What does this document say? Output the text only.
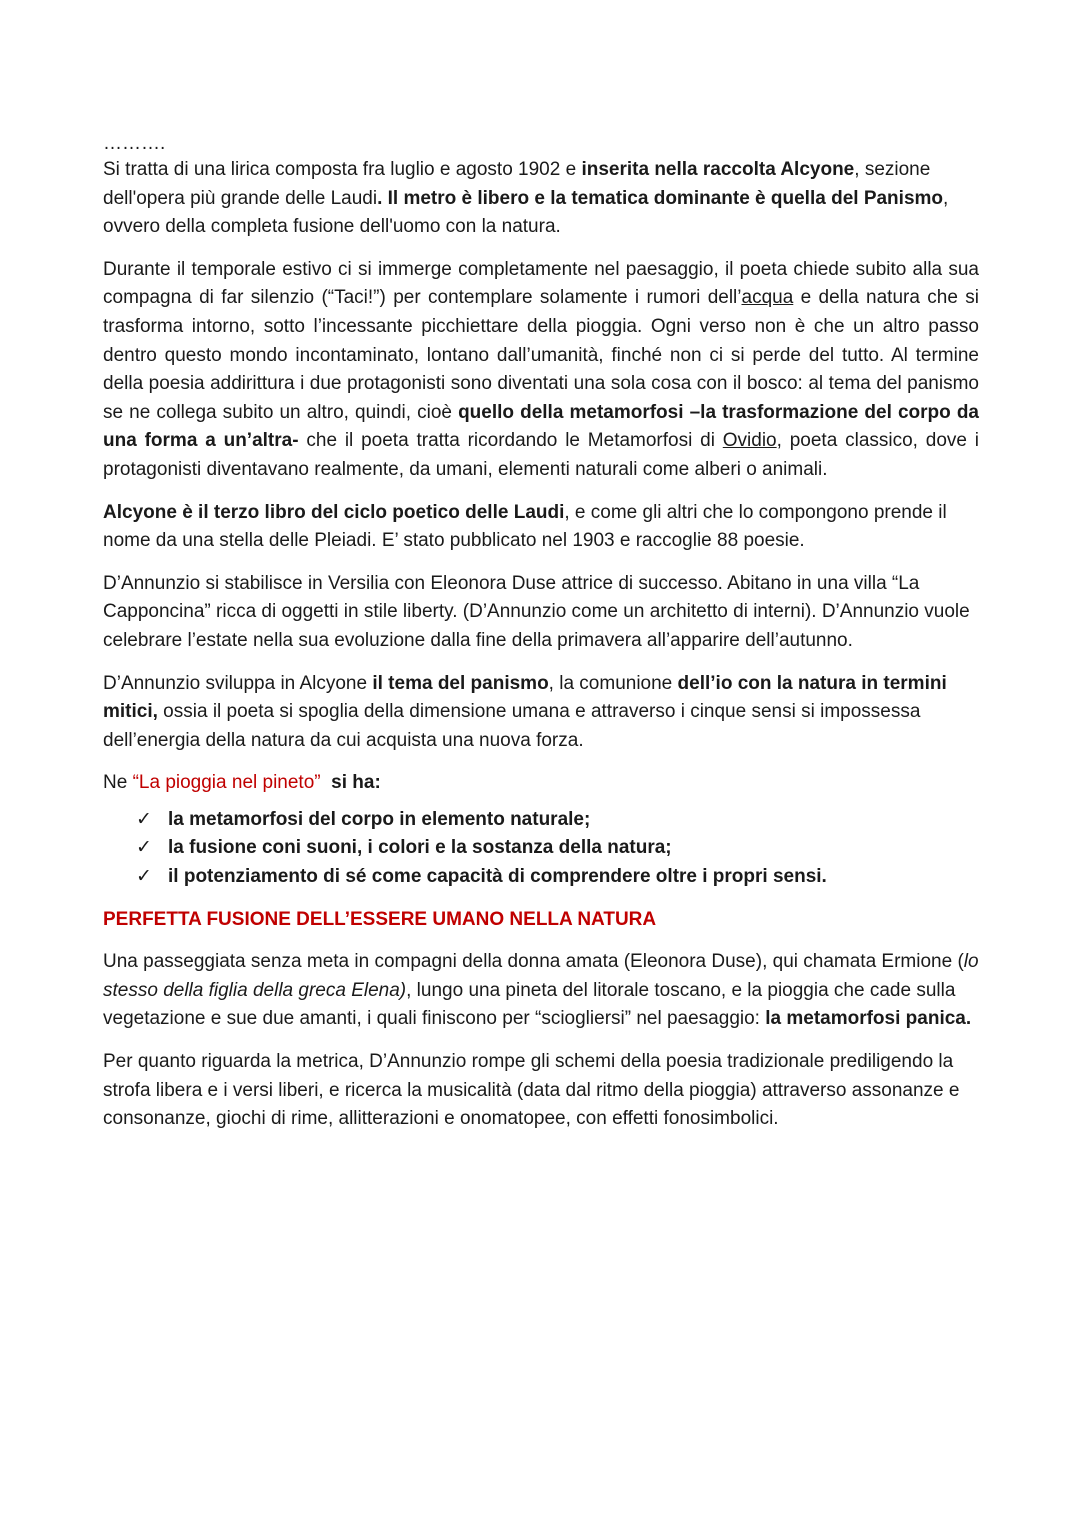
……….

Si tratta di una lirica composta fra luglio e agosto 1902 e inserita nella raccolta Alcyone, sezione dell'opera più grande delle Laudi. Il metro è libero e la tematica dominante è quella del Panismo, ovvero della completa fusione dell'uomo con la natura.

Durante il temporale estivo ci si immerge completamente nel paesaggio, il poeta chiede subito alla sua compagna di far silenzio (“Taci!”) per contemplare solamente i rumori dell’acqua e della natura che si trasforma intorno, sotto l’incessante picchiettare della pioggia. Ogni verso non è che un altro passo dentro questo mondo incontaminato, lontano dall’umanità, finché non ci si perde del tutto. Al termine della poesia addirittura i due protagonisti sono diventati una sola cosa con il bosco: al tema del panismo se ne collega subito un altro, quindi, cioè quello della metamorfosi –la trasformazione del corpo da una forma a un’altra- che il poeta tratta ricordando le Metamorfosi di Ovidio, poeta classico, dove i protagonisti diventavano realmente, da umani, elementi naturali come alberi o animali.

Alcyone è il terzo libro del ciclo poetico delle Laudi, e come gli altri che lo compongono prende il nome da una stella delle Pleiadi. E’ stato pubblicato nel 1903 e raccoglie 88 poesie.

D’Annunzio si stabilisce in Versilia con Eleonora Duse attrice di successo. Abitano in una villa “La Capponcina” ricca di oggetti in stile liberty. (D’Annunzio come un architetto di interni). D’Annunzio vuole celebrare l’estate nella sua evoluzione dalla fine della primavera all’apparire dell’autunno.

D’Annunzio sviluppa in Alcyone il tema del panismo, la comunione dell’io con la natura in termini mitici, ossia il poeta si spoglia della dimensione umana e attraverso i cinque sensi si impossessa dell’energia della natura da cui acquista una nuova forza.

Ne “La pioggia nel pineto”  si ha:

✓ la metamorfosi del corpo in elemento naturale;
✓ la fusione coni suoni, i colori e la sostanza della natura;
✓ il potenziamento di sé come capacità di comprendere oltre i propri sensi.
PERFETTA FUSIONE DELL’ESSERE UMANO NELLA NATURA

Una passeggiata senza meta in compagni della donna amata (Eleonora Duse), qui chamata Ermione (lo stesso della figlia della greca Elena), lungo una pineta del litorale toscano, e la pioggia che cade sulla vegetazione e sue due amanti, i quali finiscono per “sciogliersi” nel paesaggio: la metamorfosi panica.

Per quanto riguarda la metrica, D’Annunzio rompe gli schemi della poesia tradizionale prediligendo la strofa libera e i versi liberi, e ricerca la musicalità (data dal ritmo della pioggia) attraverso assonanze e consonanze, giochi di rime, allitterazioni e onomatopee, con effetti fonosimbolici.
